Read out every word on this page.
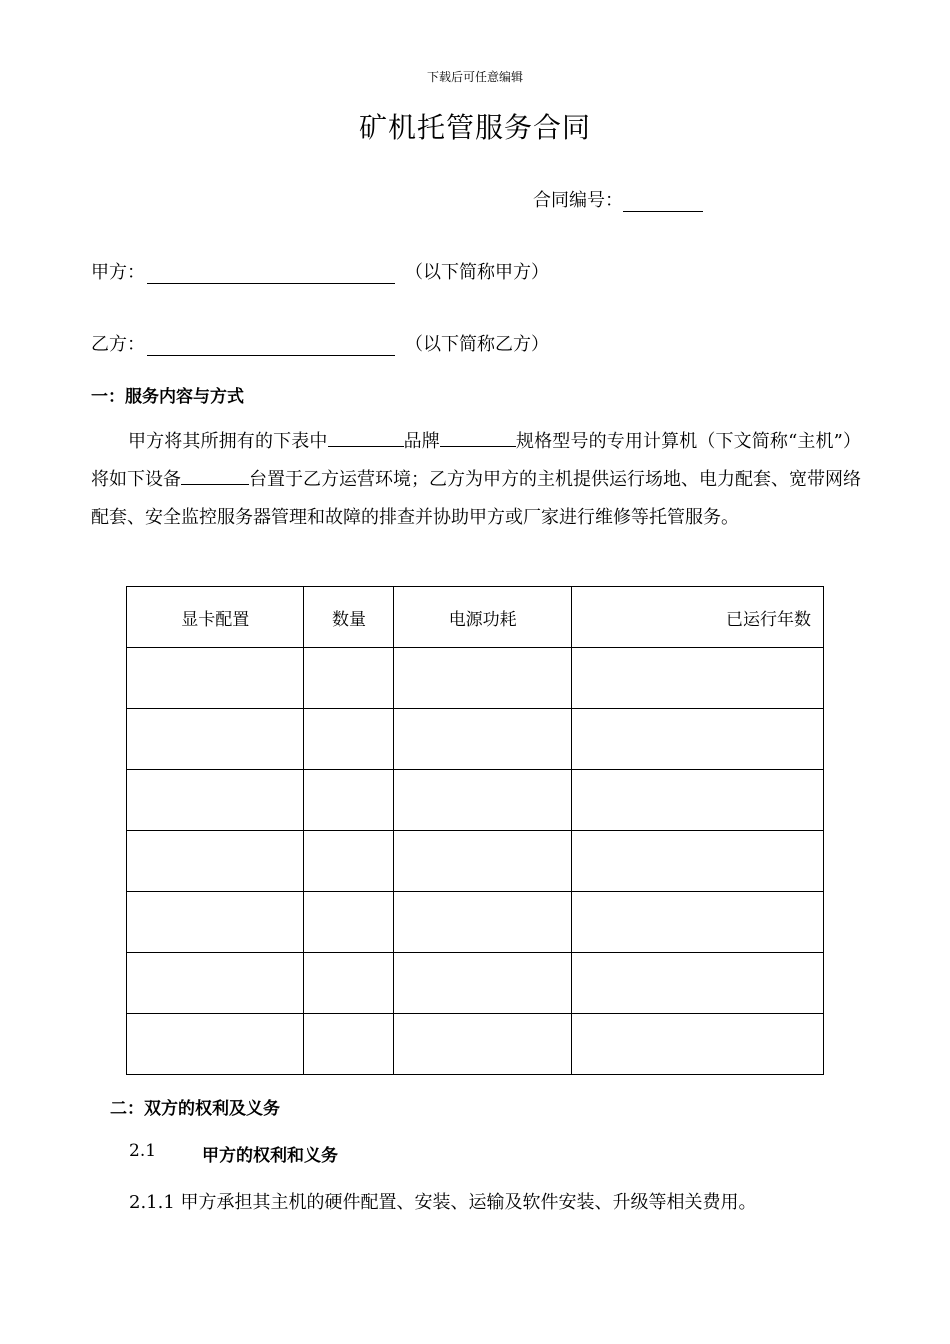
下载后可任意编辑
矿机托管服务合同
合同编号：
甲方：	（以下简称甲方）
乙方：	（以下简称乙方）
一：服务内容与方式
甲方将其所拥有的下表中	品牌	规格型号的专用计算机（下文简称“主机”）将如下设备	台置于乙方运营环境；乙方为甲方的主机提供运行场地、电力配套、宽带网络配套、安全监控服务器管理和故障的排查并协助甲方或厂家进行维修等托管服务。
显卡配置	数量	电源功耗	已运行年数

二：双方的权利及义务
2.1	甲方的权利和义务
2.1.1 甲方承担其主机的硬件配置、安装、运输及软件安装、升级等相关费用。
